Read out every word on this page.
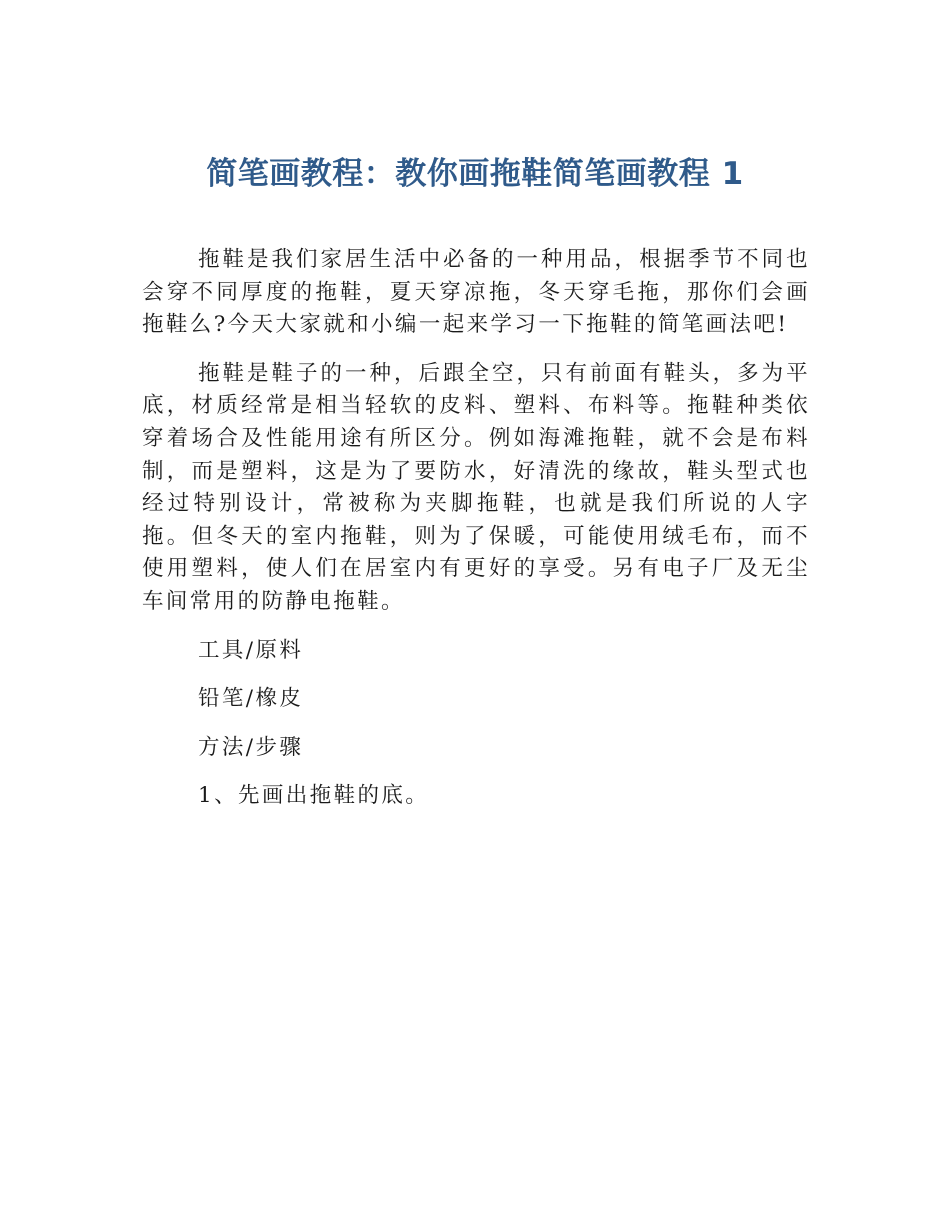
简笔画教程：教你画拖鞋简笔画教程 1

拖鞋是我们家居生活中必备的一种用品，根据季节不同也会穿不同厚度的拖鞋，夏天穿凉拖，冬天穿毛拖，那你们会画拖鞋么?今天大家就和小编一起来学习一下拖鞋的简笔画法吧!

拖鞋是鞋子的一种，后跟全空，只有前面有鞋头，多为平底，材质经常是相当轻软的皮料、塑料、布料等。拖鞋种类依穿着场合及性能用途有所区分。例如海滩拖鞋，就不会是布料制，而是塑料，这是为了要防水，好清洗的缘故，鞋头型式也经过特别设计，常被称为夹脚拖鞋，也就是我们所说的人字拖。但冬天的室内拖鞋，则为了保暖，可能使用绒毛布，而不使用塑料，使人们在居室内有更好的享受。另有电子厂及无尘车间常用的防静电拖鞋。

工具/原料

铅笔/橡皮

方法/步骤

1、先画出拖鞋的底。
